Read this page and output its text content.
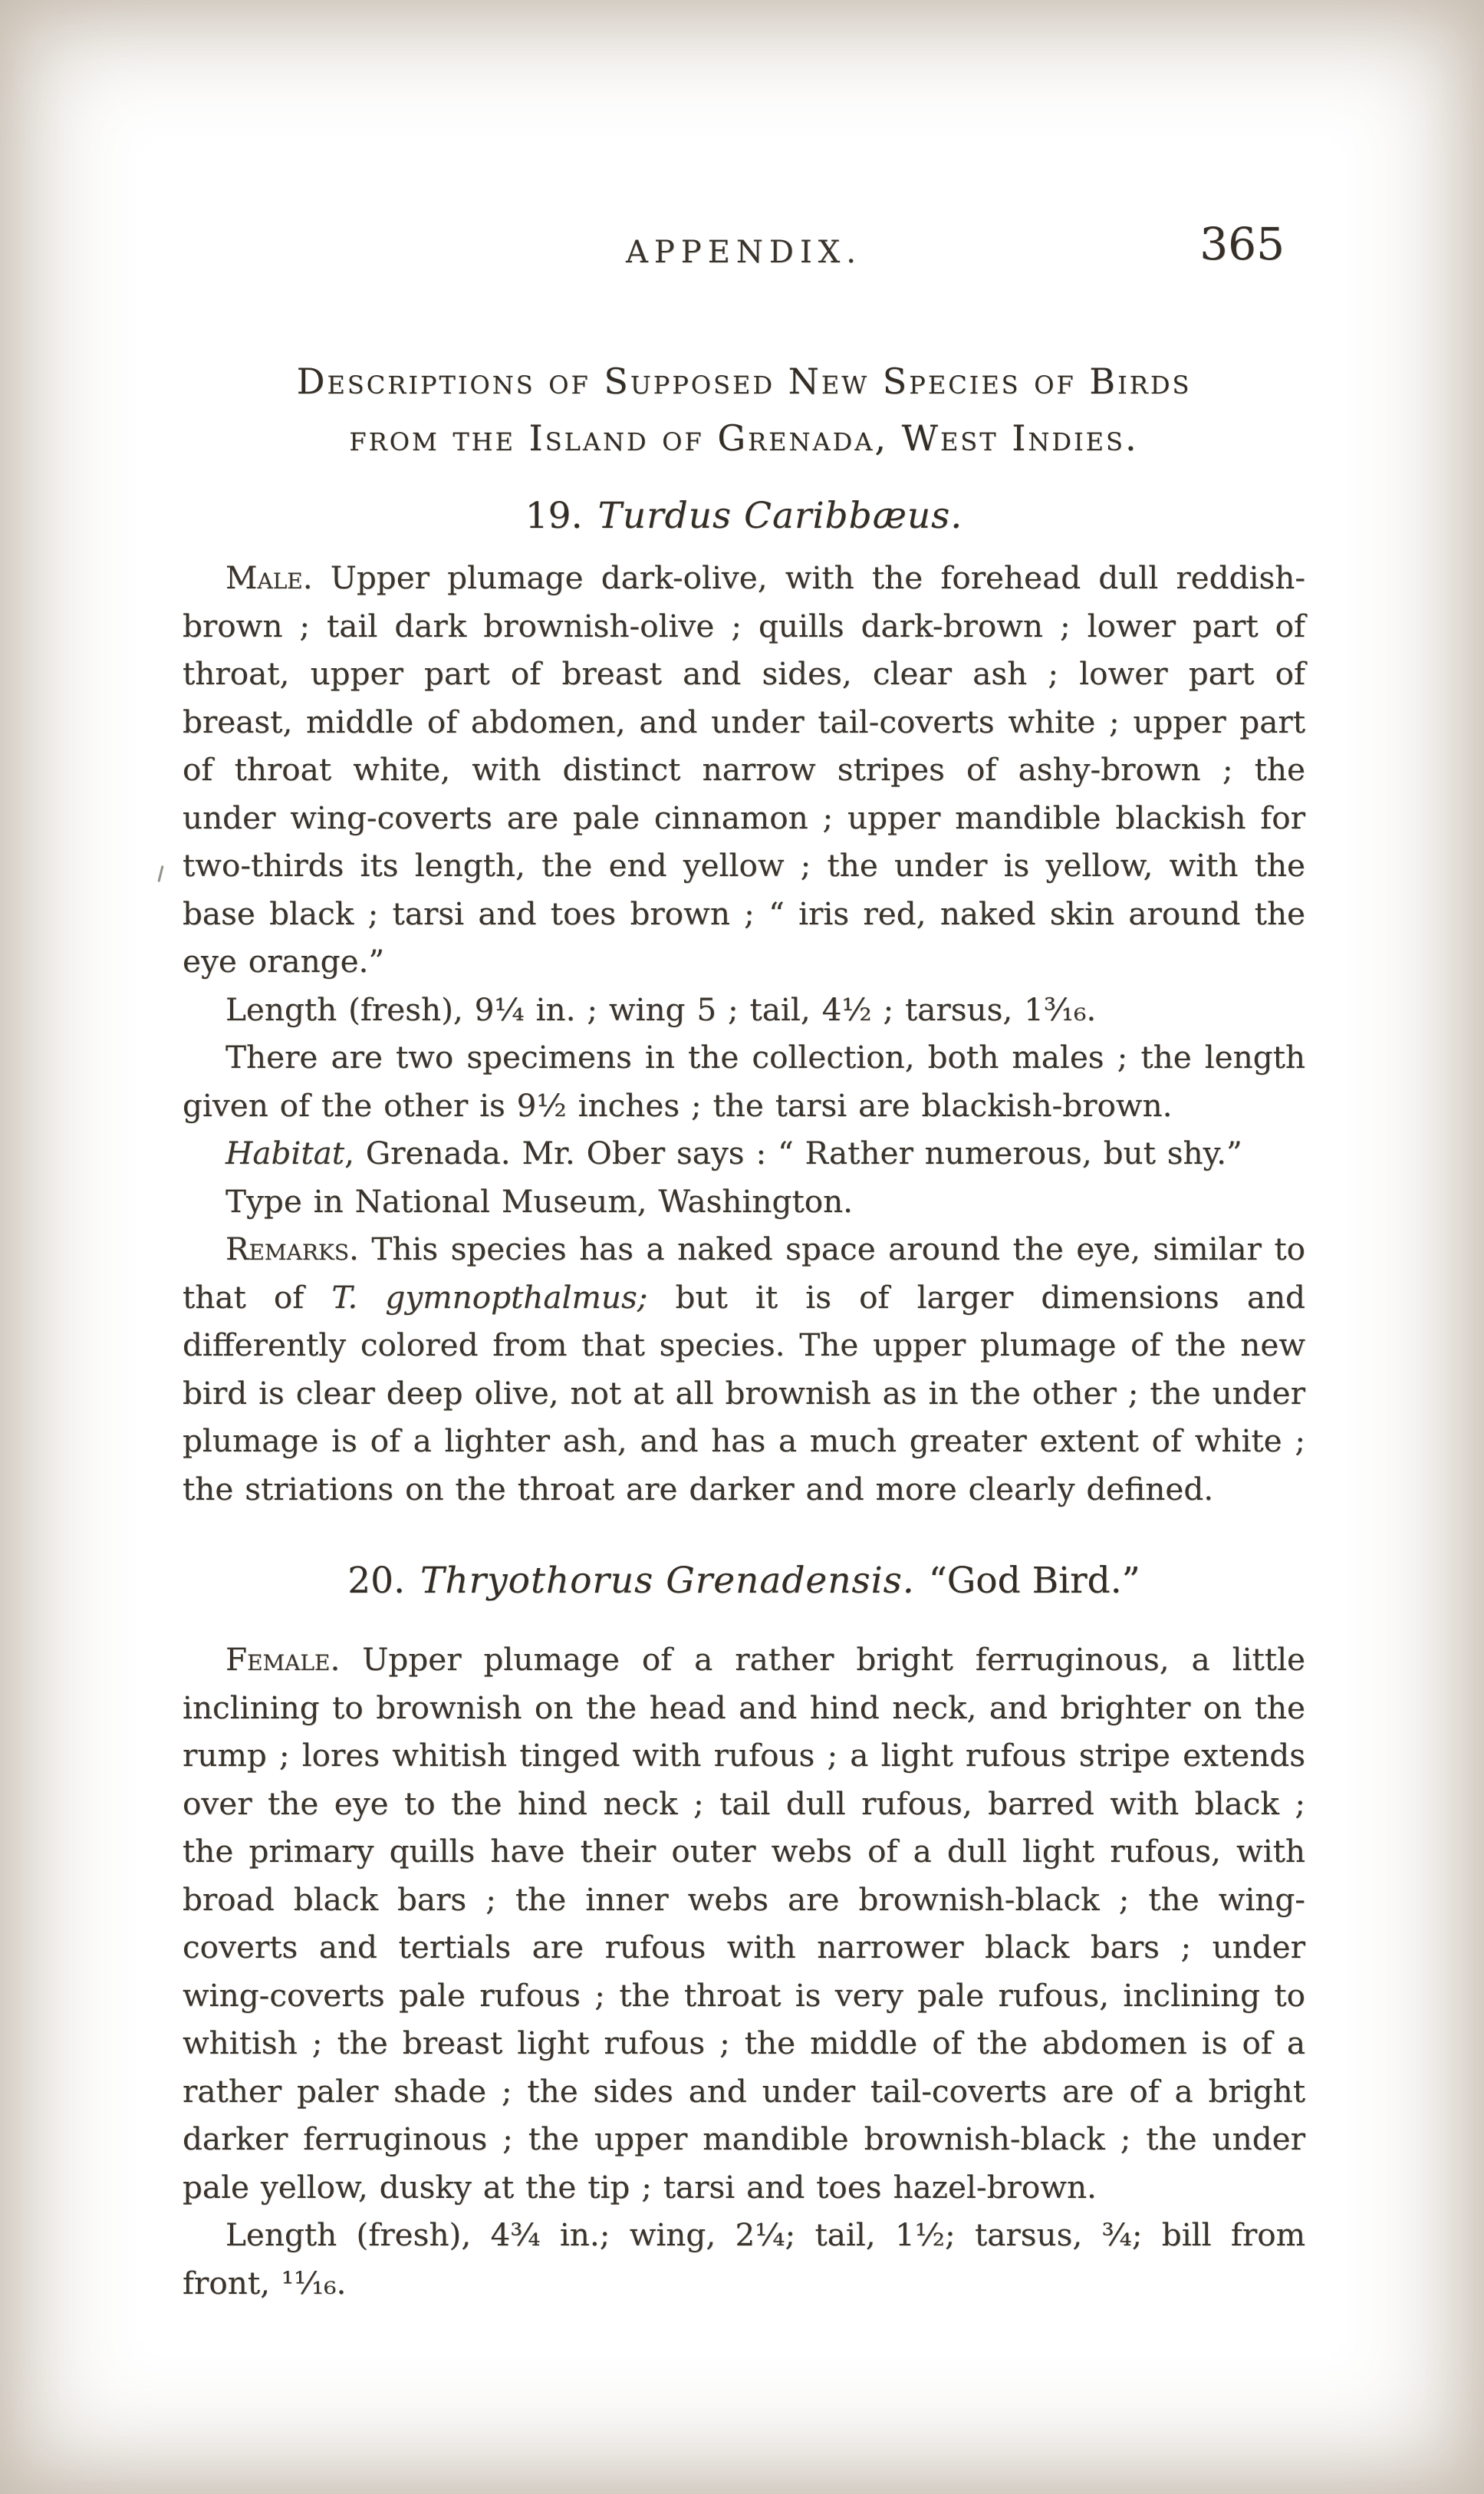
APPENDIX.	365
Descriptions of Supposed New Species of Birds
from the Island of Grenada, West Indies.
19. Turdus Caribbæus.

Male. Upper plumage dark-olive, with the forehead dull reddish-brown ; tail dark brownish-olive ; quills dark-brown ; lower part of throat, upper part of breast and sides, clear ash ; lower part of breast, middle of abdomen, and under tail-coverts white ; upper part of throat white, with distinct narrow stripes of ashy-brown ; the under wing-coverts are pale cinnamon ; upper mandible blackish for two-thirds its length, the end yellow ; the under is yellow, with the base black ; tarsi and toes brown ; “ iris red, naked skin around the eye orange.”

Length (fresh), 9¼ in. ; wing 5 ; tail, 4½ ; tarsus, 1³⁄₁₆.

There are two specimens in the collection, both males ; the length given of the other is 9½ inches ; the tarsi are blackish-brown.

Habitat, Grenada. Mr. Ober says : “ Rather numerous, but shy.”

Type in National Museum, Washington.

Remarks. This species has a naked space around the eye, similar to that of T. gymnopthalmus; but it is of larger dimensions and differently colored from that species. The upper plumage of the new bird is clear deep olive, not at all brownish as in the other ; the under plumage is of a lighter ash, and has a much greater extent of white ; the striations on the throat are darker and more clearly defined.

20. Thryothorus Grenadensis. “God Bird.”

Female. Upper plumage of a rather bright ferruginous, a little inclining to brownish on the head and hind neck, and brighter on the rump ; lores whitish tinged with rufous ; a light rufous stripe extends over the eye to the hind neck ; tail dull rufous, barred with black ; the primary quills have their outer webs of a dull light rufous, with broad black bars ; the inner webs are brownish-black ; the wing-coverts and tertials are rufous with narrower black bars ; under wing-coverts pale rufous ; the throat is very pale rufous, inclining to whitish ; the breast light rufous ; the middle of the abdomen is of a rather paler shade ; the sides and under tail-coverts are of a bright darker ferruginous ; the upper mandible brownish-black ; the under pale yellow, dusky at the tip ; tarsi and toes hazel-brown.

Length (fresh), 4¾ in.; wing, 2¼; tail, 1½; tarsus, ¾; bill from front, ¹¹⁄₁₆.
